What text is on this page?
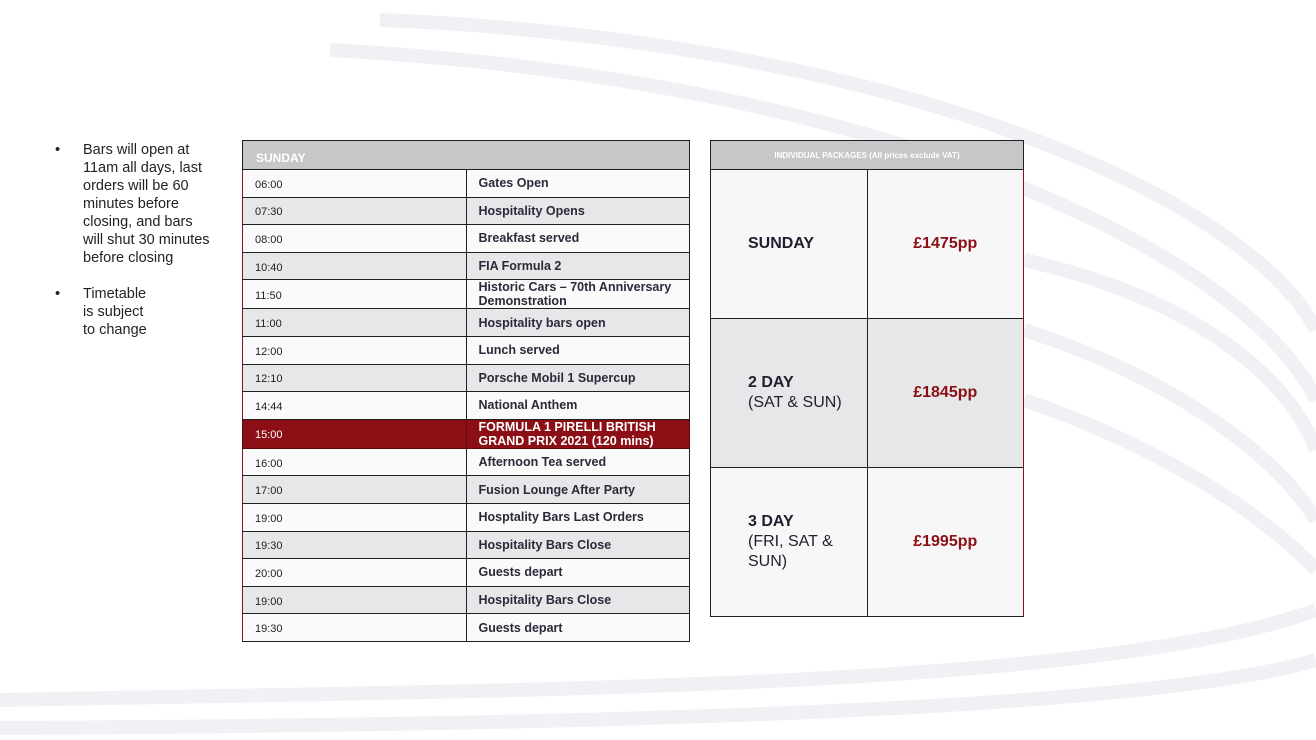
•	Bars will open at
11am all days, last
orders will be 60
minutes before
closing, and bars
will shut 30 minutes
before closing
•	Timetable
is subject
to change
SUNDAY	
06:00	Gates Open
07:30	Hospitality Opens
08:00	Breakfast served
10:40	FIA Formula 2
11:50	Historic Cars – 70th Anniversary Demonstration
11:00	Hospitality bars open
12:00	Lunch served
12:10	Porsche Mobil 1 Supercup
14:44	National Anthem
15:00	FORMULA 1 PIRELLI BRITISH GRAND PRIX 2021 (120 mins)
16:00	Afternoon Tea served
17:00	Fusion Lounge After Party
19:00	Hosptality Bars Last Orders
19:30	Hospitality Bars Close
20:00	Guests depart
19:00	Hospitality Bars Close
19:30	Guests depart
INDIVIDUAL PACKAGES (All prices exclude VAT)	
SUNDAY	£1475pp
2 DAY
(SAT & SUN)	£1845pp
3 DAY
(FRI, SAT & SUN)	£1995pp
